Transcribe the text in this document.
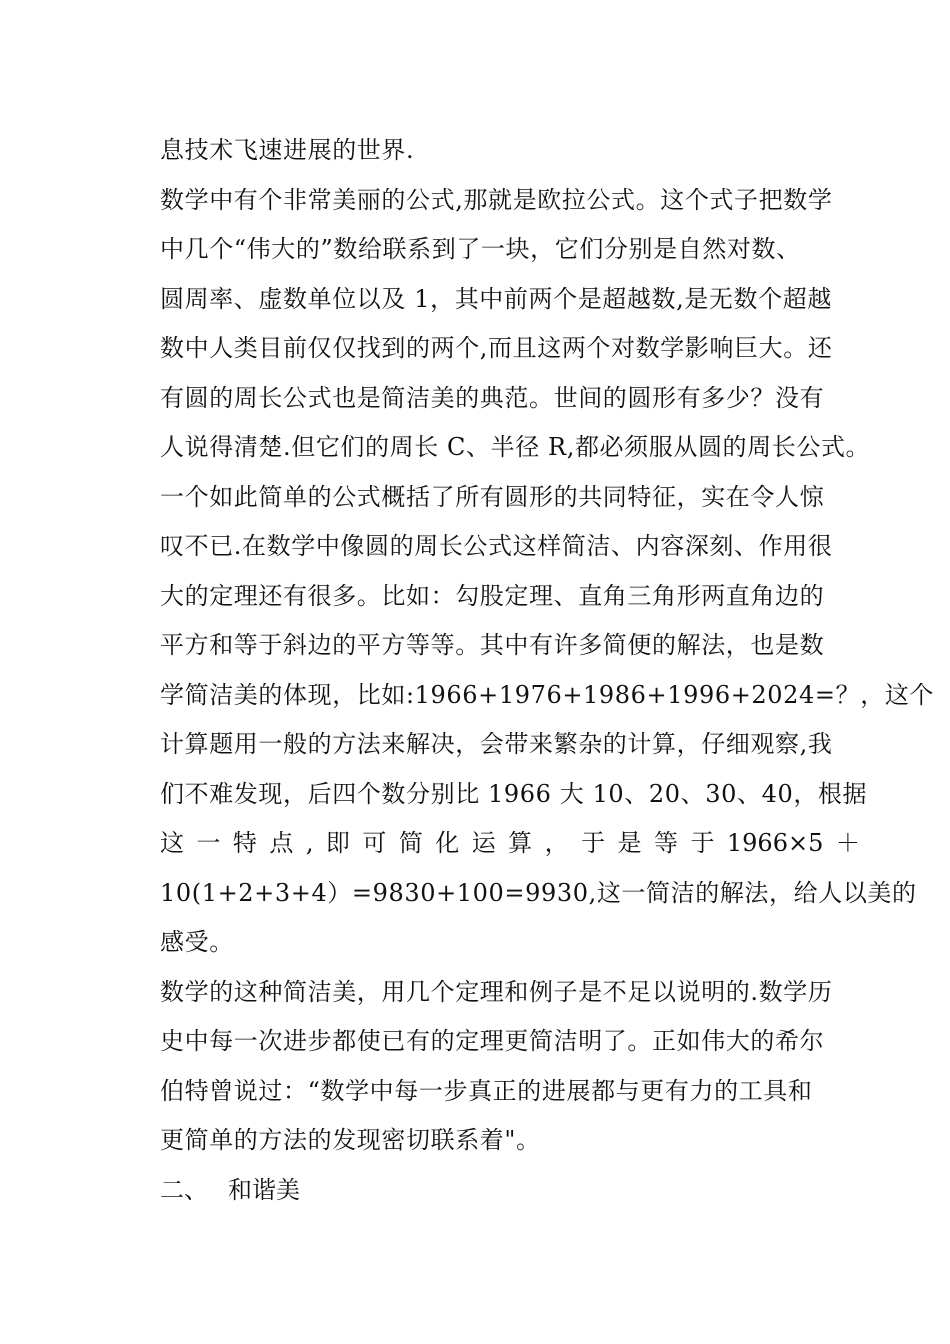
息技术飞速进展的世界.
数学中有个非常美丽的公式,那就是欧拉公式。这个式子把数学
中几个“伟大的”数给联系到了一块，它们分别是自然对数、
圆周率、虚数单位以及 1，其中前两个是超越数,是无数个超越
数中人类目前仅仅找到的两个,而且这两个对数学影响巨大。还
有圆的周长公式也是简洁美的典范。世间的圆形有多少？没有
人说得清楚.但它们的周长 C、半径 R,都必须服从圆的周长公式。
一个如此简单的公式概括了所有圆形的共同特征，实在令人惊
叹不已.在数学中像圆的周长公式这样简洁、内容深刻、作用很
大的定理还有很多。比如：勾股定理、直角三角形两直角边的
平方和等于斜边的平方等等。其中有许多简便的解法，也是数
学简洁美的体现，比如:1966+1976+1986+1996+2024=？，这个
计算题用一般的方法来解决，会带来繁杂的计算，仔细观察,我
们不难发现，后四个数分别比 1966 大 10、20、30、40，根据
这 一 特 点 , 即 可 简 化 运 算 ， 于 是 等 于 1966×5 ＋
10(1+2+3+4）=9830+100=9930,这一简洁的解法，给人以美的
感受。
数学的这种简洁美，用几个定理和例子是不足以说明的.数学历
史中每一次进步都使已有的定理更简洁明了。正如伟大的希尔
伯特曾说过：“数学中每一步真正的进展都与更有力的工具和
更简单的方法的发现密切联系着"。
二、 和谐美
